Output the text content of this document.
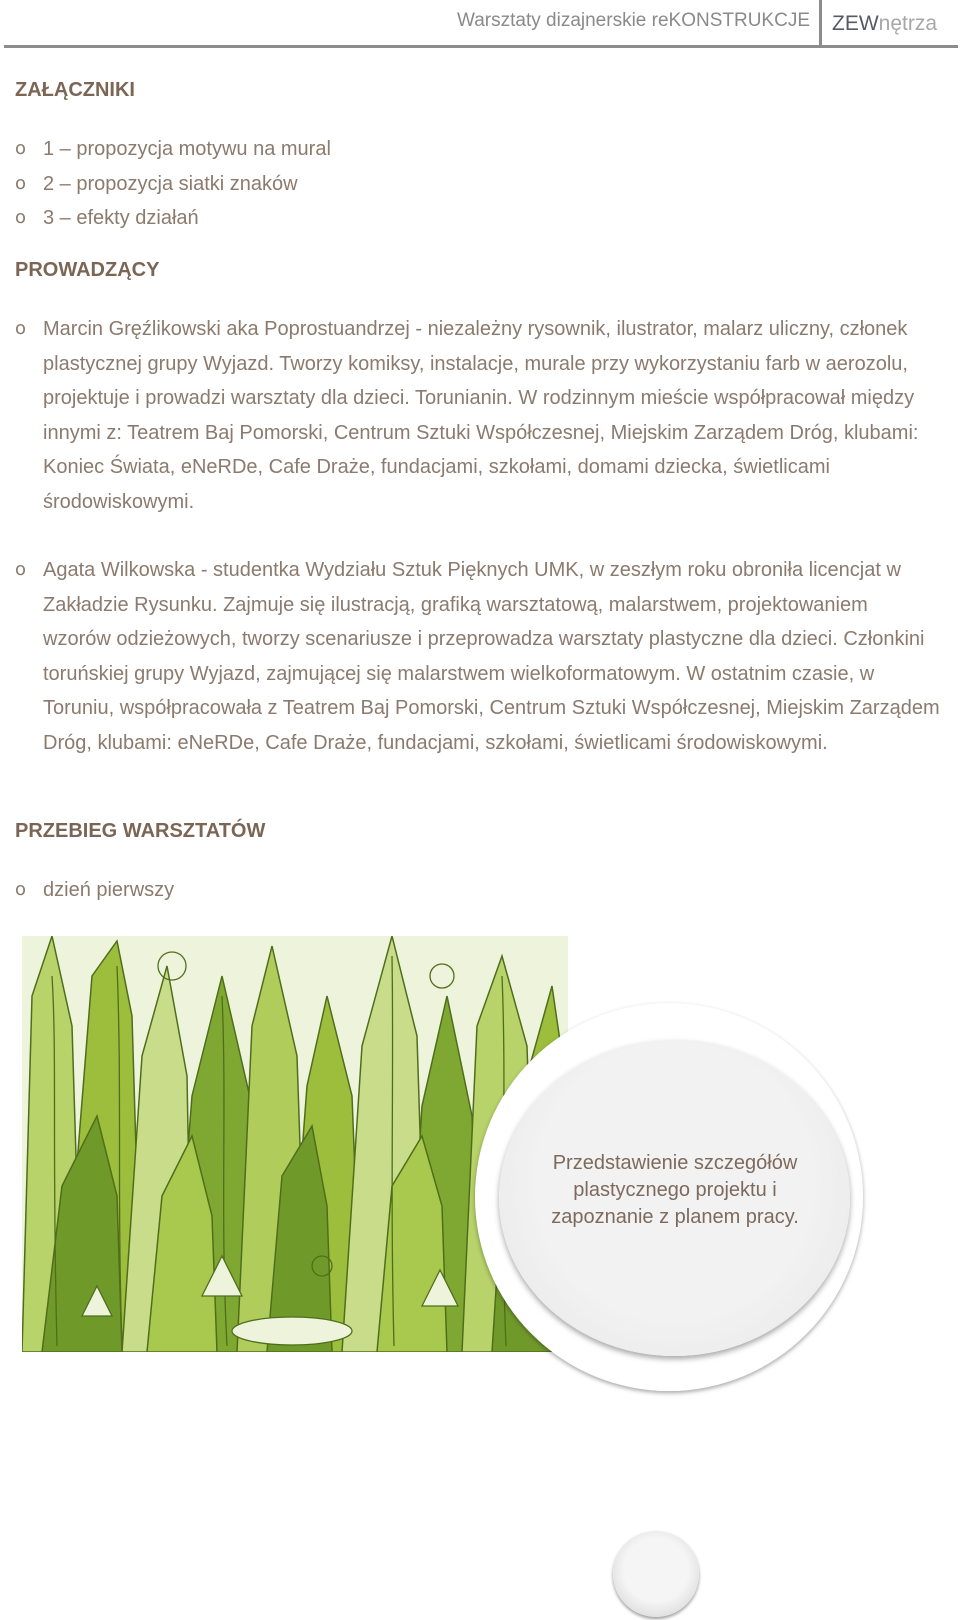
Warsztaty dizajnerskie reKONSTRUKCJE ZEWnętrza
ZAŁĄCZNIKI
o 1 – propozycja motywu na mural
o 2 – propozycja siatki znaków
o 3 – efekty działań
PROWADZĄCY
o Marcin Gręźlikowski aka Poprostuandrzej - niezależny rysownik, ilustrator, malarz uliczny, członek plastycznej grupy Wyjazd. Tworzy komiksy, instalacje, murale przy wykorzystaniu farb w aerozolu, projektuje i prowadzi warsztaty dla dzieci. Torunianin. W rodzinnym mieście współpracował między innymi z: Teatrem Baj Pomorski, Centrum Sztuki Współczesnej, Miejskim Zarządem Dróg, klubami: Koniec Świata, eNeRDe, Cafe Draże, fundacjami, szkołami, domami dziecka, świetlicami środowiskowymi.
o Agata Wilkowska - studentka Wydziału Sztuk Pięknych UMK, w zeszłym roku obroniła licencjat w Zakładzie Rysunku. Zajmuje się ilustracją, grafiką warsztatową, malarstwem, projektowaniem wzorów odzieżowych, tworzy scenariusze i przeprowadza warsztaty plastyczne dla dzieci. Członkini toruńskiej grupy Wyjazd, zajmującej się malarstwem wielkoformatowym. W ostatnim czasie, w Toruniu, współpracowała z Teatrem Baj Pomorski, Centrum Sztuki Współczesnej, Miejskim Zarządem Dróg, klubami: eNeRDe, Cafe Draże, fundacjami, szkołami, świetlicami środowiskowymi.
PRZEBIEG WARSZTATÓW
o dzień pierwszy
Przedstawienie szczegółów plastycznego projektu i zapoznanie z planem pracy.
